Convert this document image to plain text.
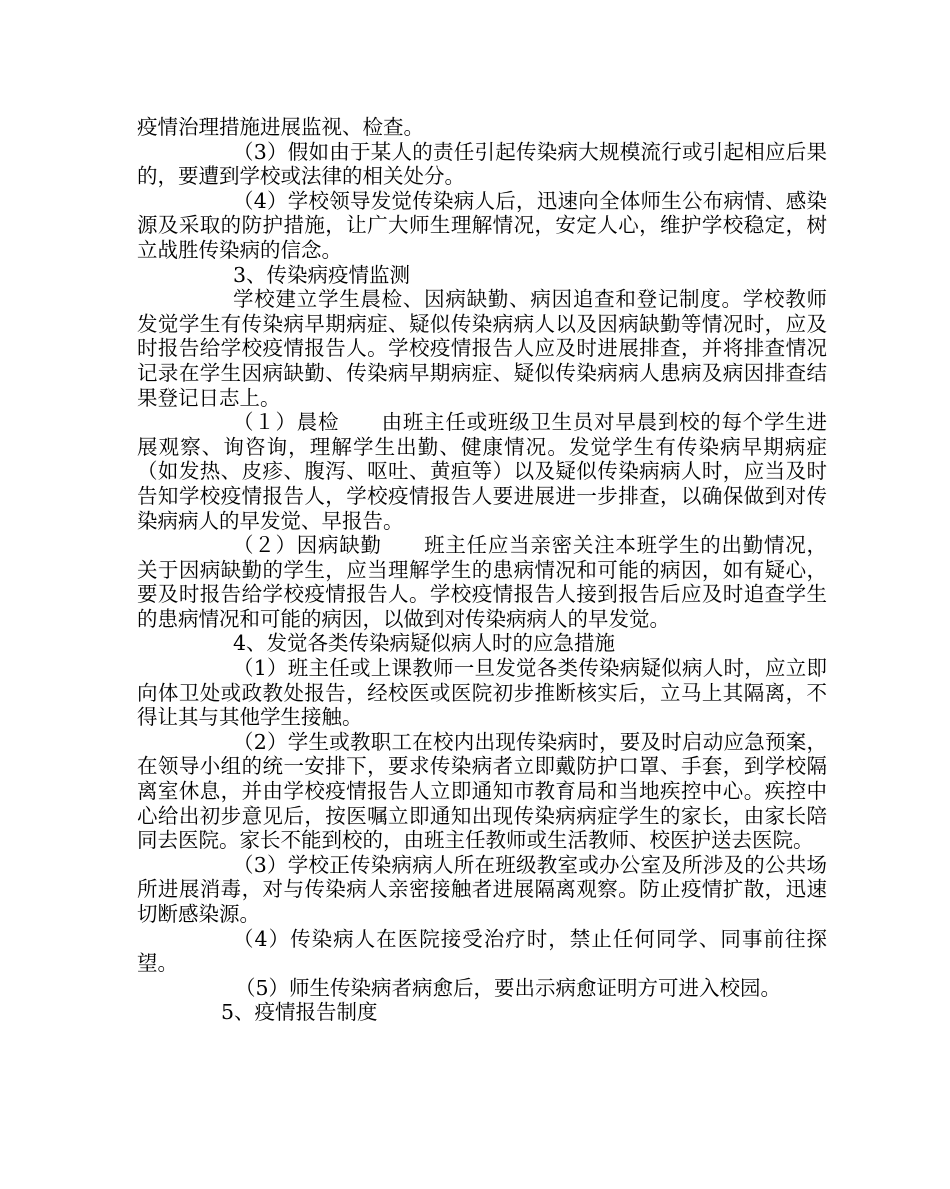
疫情治理措施进展监视、检查。

（3）假如由于某人的责任引起传染病大规模流行或引起相应后果的，要遭到学校或法律的相关处分。

（4）学校领导发觉传染病人后，迅速向全体师生公布病情、感染源及采取的防护措施，让广大师生理解情况，安定人心，维护学校稳定，树立战胜传染病的信念。

3、传染病疫情监测

学校建立学生晨检、因病缺勤、病因追查和登记制度。学校教师发觉学生有传染病早期病症、疑似传染病病人以及因病缺勤等情况时，应及时报告给学校疫情报告人。学校疫情报告人应及时进展排查，并将排查情况记录在学生因病缺勤、传染病早期病症、疑似传染病病人患病及病因排查结果登记日志上。

（１）晨检　　由班主任或班级卫生员对早晨到校的每个学生进展观察、询咨询，理解学生出勤、健康情况。发觉学生有传染病早期病症（如发热、皮疹、腹泻、呕吐、黄疸等）以及疑似传染病病人时，应当及时告知学校疫情报告人，学校疫情报告人要进展进一步排查，以确保做到对传染病病人的早发觉、早报告。

（２）因病缺勤　　班主任应当亲密关注本班学生的出勤情况，关于因病缺勤的学生，应当理解学生的患病情况和可能的病因，如有疑心，要及时报告给学校疫情报告人。学校疫情报告人接到报告后应及时追查学生的患病情况和可能的病因，以做到对传染病病人的早发觉。

4、发觉各类传染病疑似病人时的应急措施

（1）班主任或上课教师一旦发觉各类传染病疑似病人时，应立即向体卫处或政教处报告，经校医或医院初步推断核实后，立马上其隔离，不得让其与其他学生接触。

（2）学生或教职工在校内出现传染病时，要及时启动应急预案，在领导小组的统一安排下，要求传染病者立即戴防护口罩、手套，到学校隔离室休息，并由学校疫情报告人立即通知市教育局和当地疾控中心。疾控中心给出初步意见后，按医嘱立即通知出现传染病病症学生的家长，由家长陪同去医院。家长不能到校的，由班主任教师或生活教师、校医护送去医院。

（3）学校正传染病病人所在班级教室或办公室及所涉及的公共场所进展消毒，对与传染病人亲密接触者进展隔离观察。防止疫情扩散，迅速切断感染源。

（4）传染病人在医院接受治疗时，禁止任何同学、同事前往探望。

（5）师生传染病者病愈后，要出示病愈证明方可进入校园。

5、疫情报告制度
